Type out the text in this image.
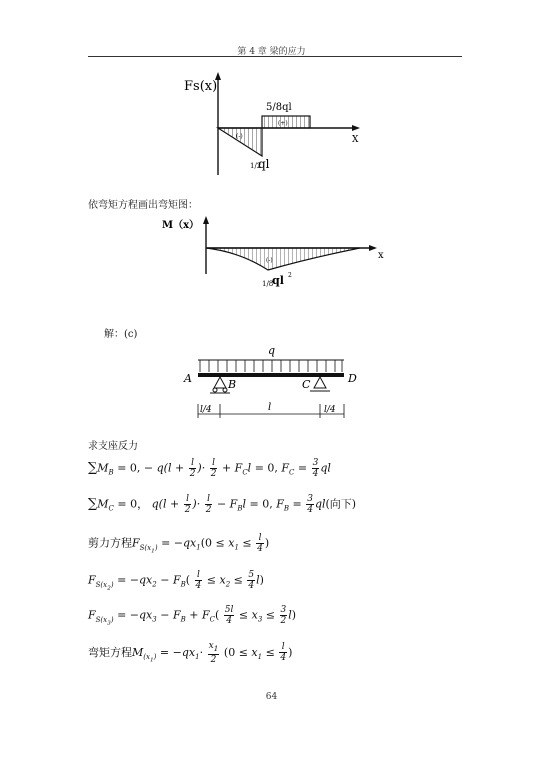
第 4 章 梁的应力
Fs(x)
X
5/8ql
(+)
(-)
1/2
ql
依弯矩方程画出弯矩图：
M（x）
x
(-)
1/8
ql 2
解：(c)
q
A	B	C	D
l/4	l	l/4
求支座反力
$\sum M_B = 0$, − $q(l + \frac{l}{2}$ )· $\frac{l}{2} + F_Cl = 0$, $F_C = \frac{3}{4}$ ql
$\sum M_C = 0$， $q(l + \frac{l}{2}$ )· $\frac{l}{2} - F_Bl = 0$, $F_B = \frac{3}{4} ql$(向下)
剪力方程$F_{S(x_1)} = -qx_1(0 \le x_1 \le \frac{l}{4}$ )
$F_{S(x_2)} = -qx_2 - F_B( \frac{l}{4} \le x_2 \le \frac{5}{4} l)$
$F_{S(x_3)} = -qx_3 - F_B + F_C( \frac{5l}{4} \le x_3 \le \frac{3}{2} l)$
弯矩方程$M_{(x_1)} = -qx_1\cdot \frac{x_1}{2} (0 \le x_1 \le \frac{l}{4}$ )
64
